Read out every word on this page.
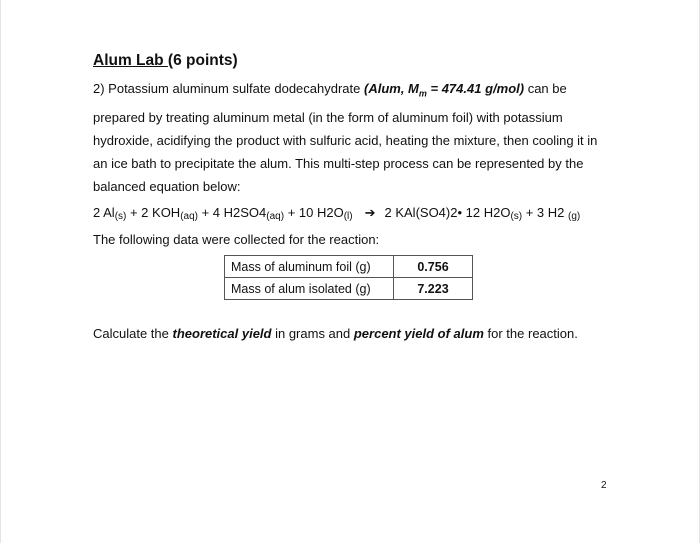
Alum Lab (6 points)

2) Potassium aluminum sulfate dodecahydrate (Alum, $M_m = 474.41$ g/mol) can be

prepared by treating aluminum metal (in the form of aluminum foil) with potassium

hydroxide, acidifying the product with sulfuric acid, heating the mixture, then cooling it in

an ice bath to precipitate the alum. This multi-step process can be represented by the

balanced equation below:

2 $Al_{(s)} + 2$ $KOH_{(aq)} + 4$ $H2SO4_{(aq)} + 10$ $H2O_{(l)}$ ➔ 2 KAl(SO4)2• 12 $H2O_{(s)} + 3$ H2 $_{(g)}$
The following data were collected for the reaction:
Mass of aluminum foil (g)	0.756
Mass of alum isolated (g)	7.223
Calculate the theoretical yield in grams and percent yield of alum for the reaction.
2
